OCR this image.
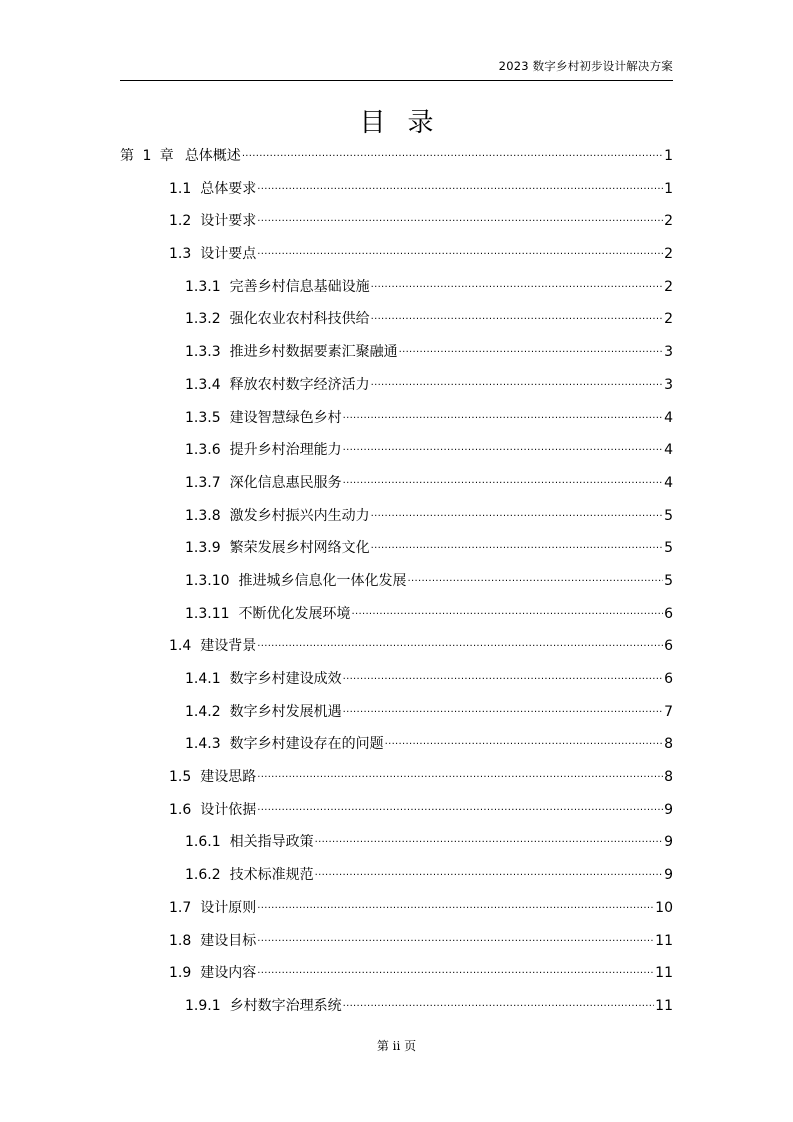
2023 数字乡村初步设计解决方案
目录
第 1 章 总体概述 .....	1
1.1 总体要求 .....	1
1.2 设计要求 .....	2
1.3 设计要点 .....	2
1.3.1 完善乡村信息基础设施 .....	2
1.3.2 强化农业农村科技供给 .....	2
1.3.3 推进乡村数据要素汇聚融通 .....	3
1.3.4 释放农村数字经济活力 .....	3
1.3.5 建设智慧绿色乡村 .....	4
1.3.6 提升乡村治理能力 .....	4
1.3.7 深化信息惠民服务 .....	4
1.3.8 激发乡村振兴内生动力 .....	5
1.3.9 繁荣发展乡村网络文化 .....	5
1.3.10 推进城乡信息化一体化发展 .....	5
1.3.11 不断优化发展环境 .....	6
1.4 建设背景 .....	6
1.4.1 数字乡村建设成效 .....	6
1.4.2 数字乡村发展机遇 .....	7
1.4.3 数字乡村建设存在的问题 .....	8
1.5 建设思路 .....	8
1.6 设计依据 .....	9
1.6.1 相关指导政策 .....	9
1.6.2 技术标准规范 .....	9
1.7 设计原则 .....	10
1.8 建设目标 .....	11
1.9 建设内容 .....	11
1.9.1 乡村数字治理系统 .....	11
第 ii 页
